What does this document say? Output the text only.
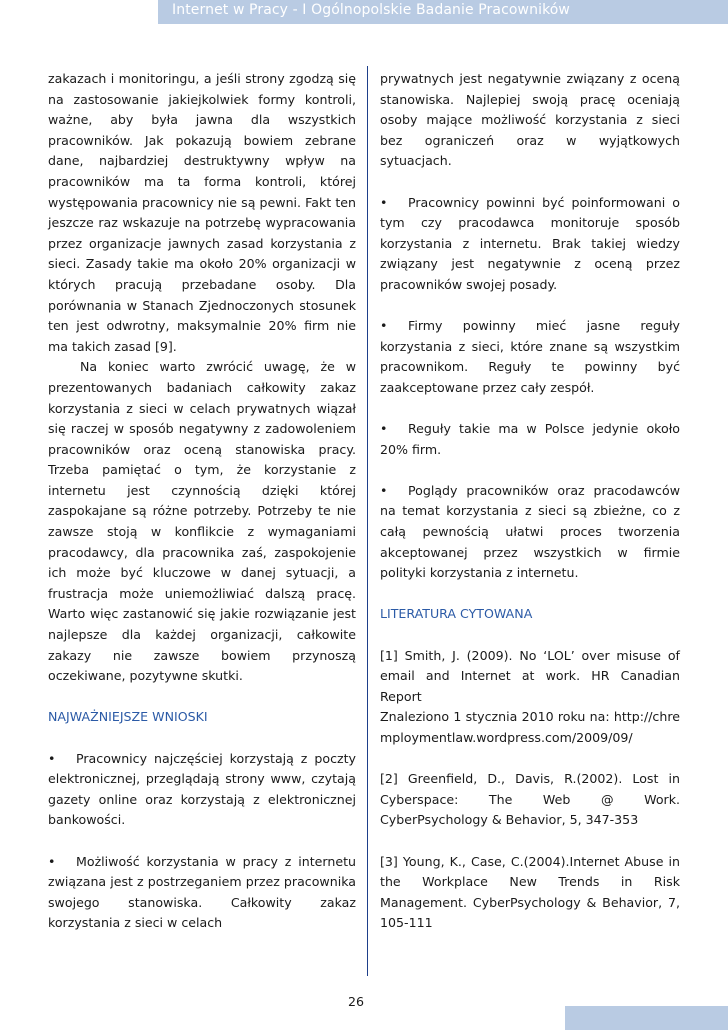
Internet w Pracy - I Ogólnopolskie Badanie Pracowników

zakazach i monitoringu, a jeśli strony zgodzą się na zastosowanie jakiejkolwiek formy kontroli, ważne, aby była jawna dla wszystkich pracowników. Jak pokazują bowiem zebrane dane, najbardziej destruktywny wpływ na pracowników ma ta forma kontroli, której występowania pracownicy nie są pewni. Fakt ten jeszcze raz wskazuje na potrzebę wypracowania przez organizacje jawnych zasad korzystania z sieci. Zasady takie ma około 20% organizacji w których pracują przebadane osoby. Dla porównania w Stanach Zjednoczonych stosunek ten jest odwrotny, maksymalnie 20% firm nie ma takich zasad [9].

Na koniec warto zwrócić uwagę, że w prezentowanych badaniach całkowity zakaz korzystania z sieci w celach prywatnych wiązał się raczej w sposób negatywny z zadowoleniem pracowników oraz oceną stanowiska pracy. Trzeba pamiętać o tym, że korzystanie z internetu jest czynnością dzięki której zaspokajane są różne potrzeby. Potrzeby te nie zawsze stoją w konflikcie z wymaganiami pracodawcy, dla pracownika zaś, zaspokojenie ich może być kluczowe w danej sytuacji, a frustracja może uniemożliwiać dalszą pracę. Warto więc zastanowić się jakie rozwiązanie jest najlepsze dla każdej organizacji, całkowite zakazy nie zawsze bowiem przynoszą oczekiwane, pozytywne skutki.

NAJWAŻNIEJSZE WNIOSKI

• Pracownicy najczęściej korzystają z poczty elektronicznej, przeglądają strony www, czytają gazety online oraz korzystają z elektronicznej bankowości.

• Możliwość korzystania w pracy z internetu związana jest z postrzeganiem przez pracownika swojego stanowiska. Całkowity zakaz korzystania z sieci w celach

prywatnych jest negatywnie związany z oceną stanowiska. Najlepiej swoją pracę oceniają osoby mające możliwość korzystania z sieci bez ograniczeń oraz w wyjątkowych sytuacjach.

• Pracownicy powinni być poinformowani o tym czy pracodawca monitoruje sposób korzystania z internetu. Brak takiej wiedzy związany jest negatywnie z oceną przez pracowników swojej posady.

• Firmy powinny mieć jasne reguły korzystania z sieci, które znane są wszystkim pracownikom. Reguły te powinny być zaakceptowane przez cały zespół.

• Reguły takie ma w Polsce jedynie około 20% firm.

• Poglądy pracowników oraz pracodawców na temat korzystania z sieci są zbieżne, co z całą pewnością ułatwi proces tworzenia akceptowanej przez wszystkich w firmie polityki korzystania z internetu.

LITERATURA CYTOWANA

[1] Smith, J. (2009). No ‘LOL’ over misuse of email and Internet at work. HR Canadian Report

Znaleziono 1 stycznia 2010 roku na: http://chremploymentlaw.wordpress.com/2009/09/

[2] Greenfield, D., Davis, R.(2002). Lost in Cyberspace: The Web @ Work. CyberPsychology & Behavior, 5, 347-353

[3] Young, K., Case, C.(2004).Internet Abuse in the Workplace New Trends in Risk Management. CyberPsychology & Behavior, 7, 105-111

26
